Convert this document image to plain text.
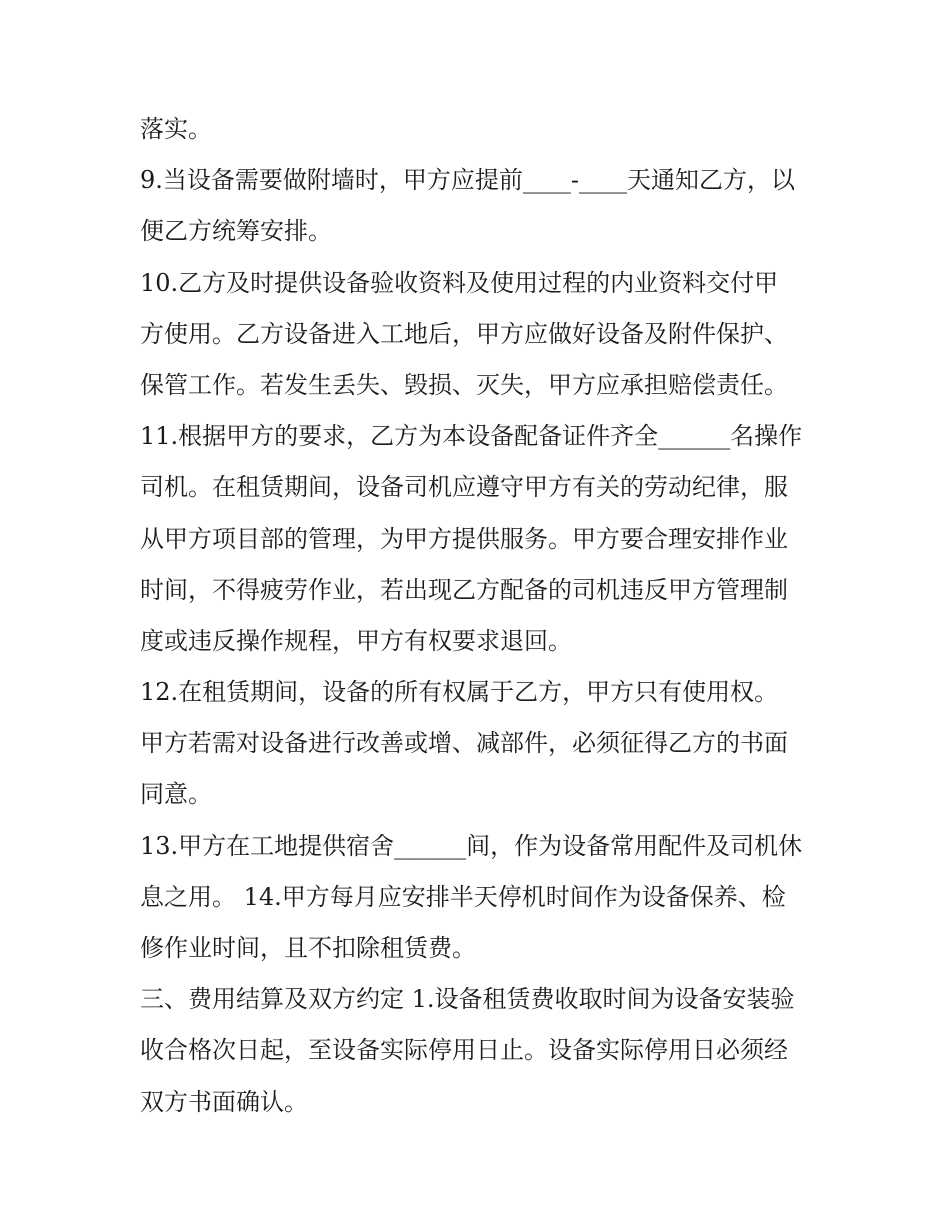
落实。
9.当设备需要做附墙时，甲方应提前____-____天通知乙方，以
便乙方统筹安排。
10.乙方及时提供设备验收资料及使用过程的内业资料交付甲
方使用。乙方设备进入工地后，甲方应做好设备及附件保护、
保管工作。若发生丢失、毁损、灭失，甲方应承担赔偿责任。
11.根据甲方的要求，乙方为本设备配备证件齐全______名操作
司机。在租赁期间，设备司机应遵守甲方有关的劳动纪律，服
从甲方项目部的管理，为甲方提供服务。甲方要合理安排作业
时间，不得疲劳作业，若出现乙方配备的司机违反甲方管理制
度或违反操作规程，甲方有权要求退回。
12.在租赁期间，设备的所有权属于乙方，甲方只有使用权。
甲方若需对设备进行改善或增、减部件，必须征得乙方的书面
同意。
13.甲方在工地提供宿舍______间，作为设备常用配件及司机休
息之用。 14.甲方每月应安排半天停机时间作为设备保养、检
修作业时间，且不扣除租赁费。
三、费用结算及双方约定 1.设备租赁费收取时间为设备安装验
收合格次日起，至设备实际停用日止。设备实际停用日必须经
双方书面确认。
